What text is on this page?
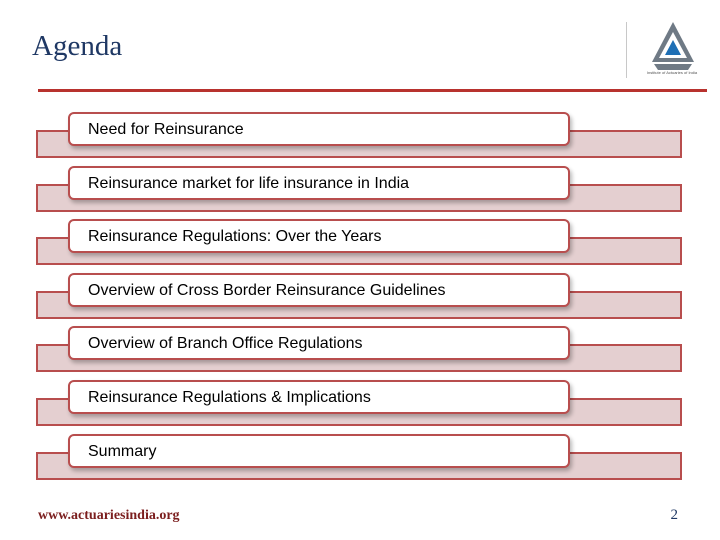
Agenda
Institute of Actuaries of India
Need for Reinsurance
Reinsurance market for life insurance in India
Reinsurance Regulations: Over the Years
Overview of Cross Border Reinsurance Guidelines
Overview of Branch Office Regulations
Reinsurance Regulations & Implications
Summary
www.actuariesindia.org	2
